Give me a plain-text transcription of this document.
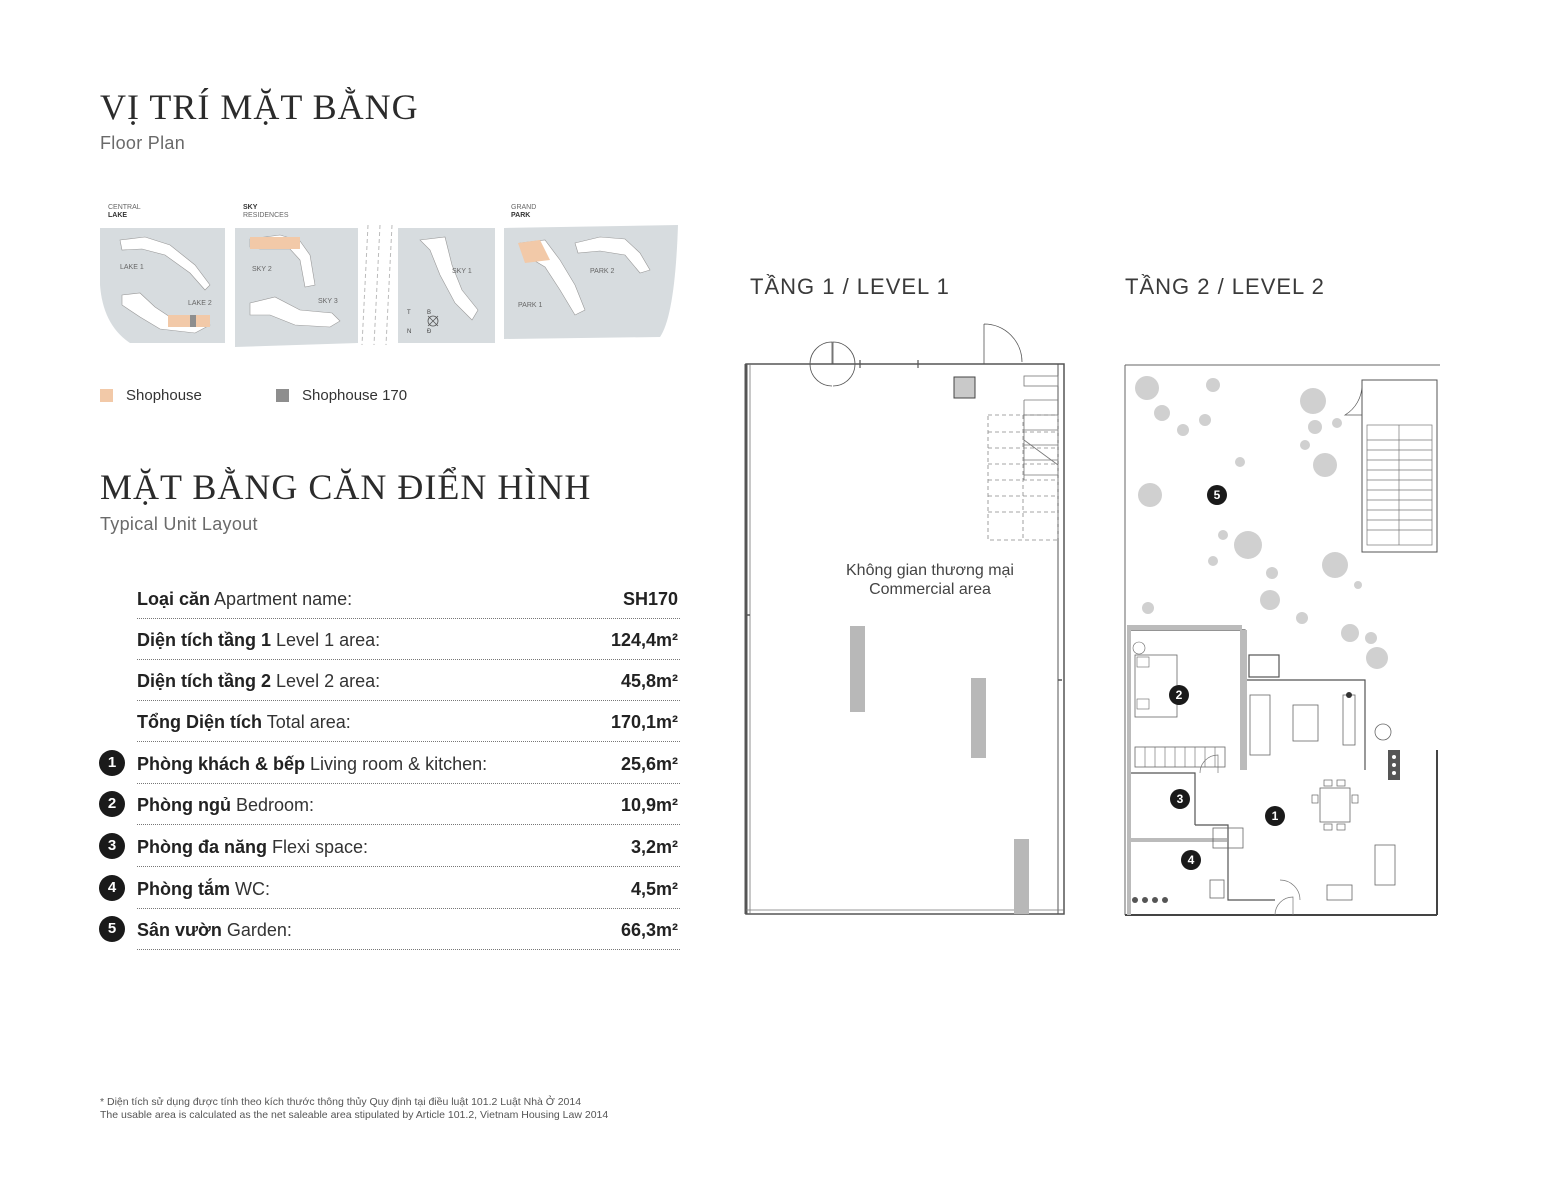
VỊ TRÍ MẶT BẰNG
Floor Plan
CENTRAL
LAKE
SKY
RESIDENCES
GRAND
PARK
LAKE 1
LAKE 2
SKY 2
SKY 3
SKY 1
PARK 1
PARK 2
T	B
N	Đ
Shophouse	Shophouse 170
MẶT BẰNG CĂN ĐIỂN HÌNH
Typical Unit Layout
Loại căn Apartment name:	SH170
Diện tích tầng 1 Level 1 area:	124,4m²
Diện tích tầng 2 Level 2 area:	45,8m²
Tổng Diện tích Total area:	170,1m²
1	Phòng khách & bếp Living room & kitchen:	25,6m²
2	Phòng ngủ Bedroom:	10,9m²
3	Phòng đa năng Flexi space:	3,2m²
4	Phòng tắm WC:	4,5m²
5	Sân vườn Garden:	66,3m²
TẦNG 1 / LEVEL 1
Không gian thương mại
Commercial area
TẦNG 2 / LEVEL 2
1
2
3
4
5
* Diện tích sử dụng được tính theo kích thước thông thủy Quy định tại điều luật 101.2 Luật Nhà Ở 2014
The usable area is calculated as the net saleable area stipulated by Article 101.2, Vietnam Housing Law 2014
